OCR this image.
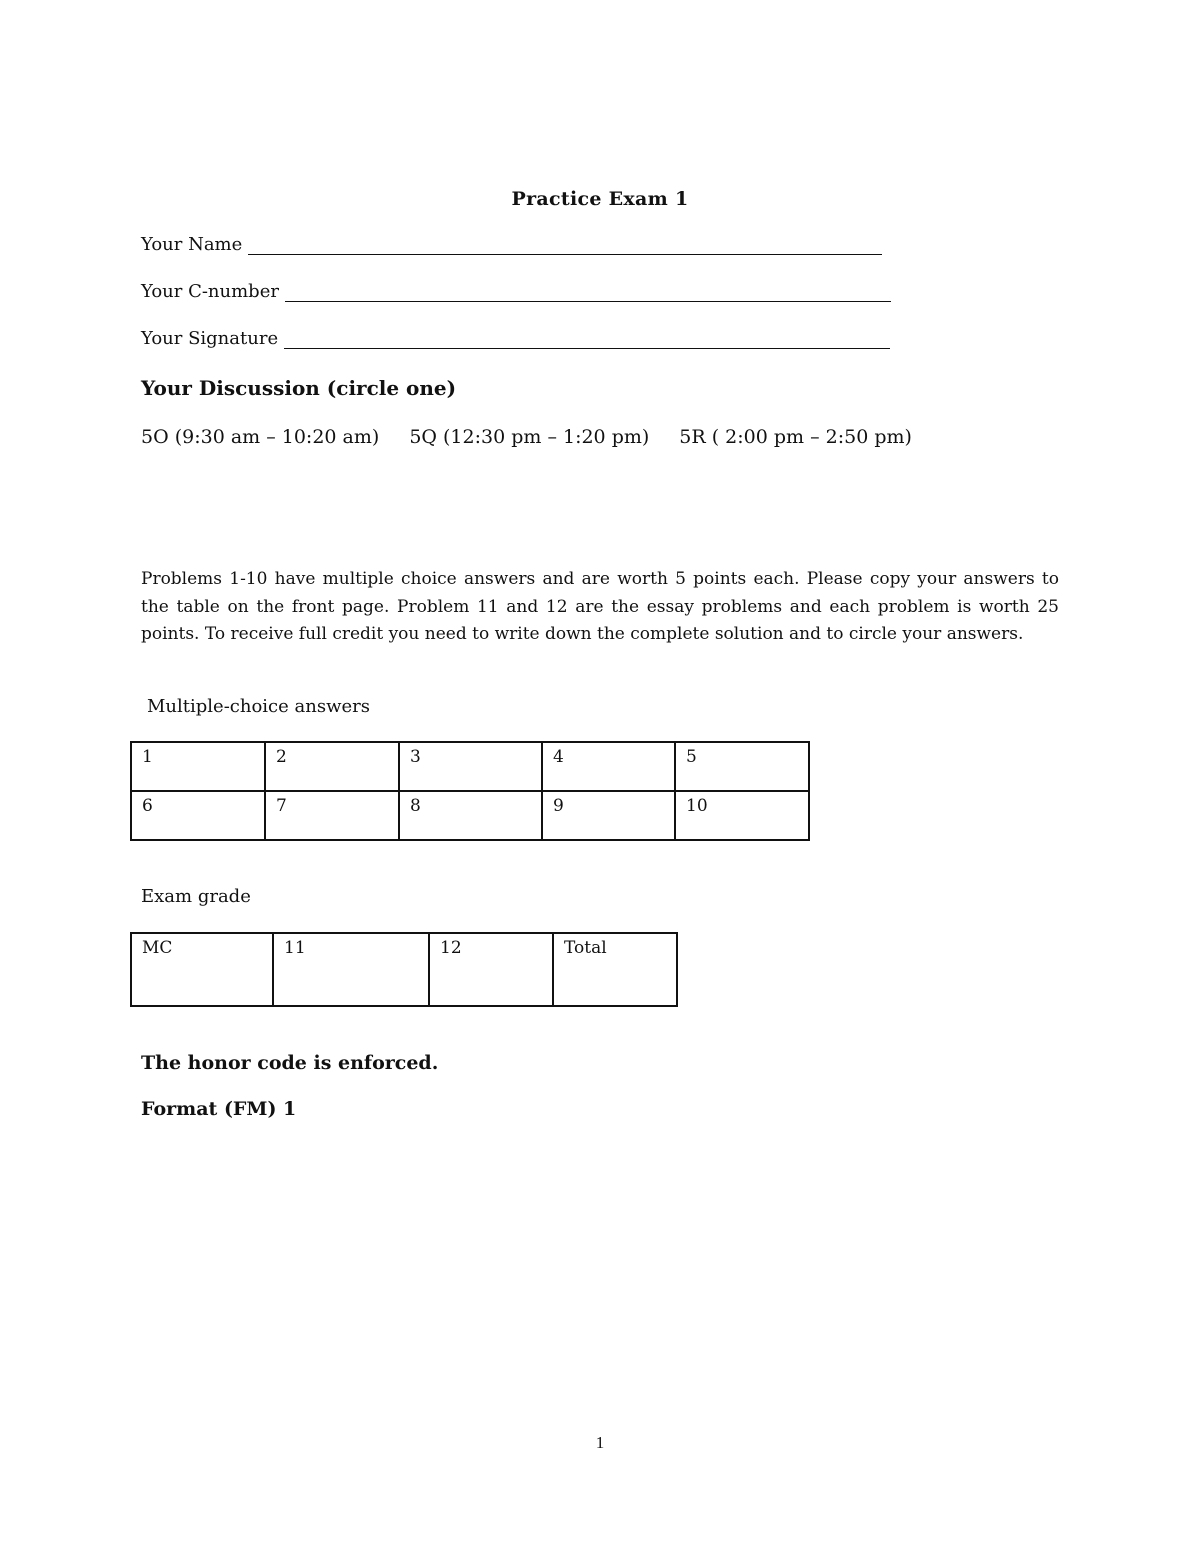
Practice Exam 1
Your Name
Your C-number
Your Signature
Your Discussion (circle one)
5O (9:30 am – 10:20 am) 5Q (12:30 pm – 1:20 pm) 5R ( 2:00 pm – 2:50 pm)
Problems 1-10 have multiple choice answers and are worth 5 points each. Please copy your answers to the table on the front page. Problem 11 and 12 are the essay problems and each problem is worth 25 points. To receive full credit you need to write down the complete solution and to circle your answers.
Multiple-choice answers
1	2	3	4	5
6	7	8	9	10
Exam grade
MC	11	12	Total
The honor code is enforced.
Format (FM) 1
1
